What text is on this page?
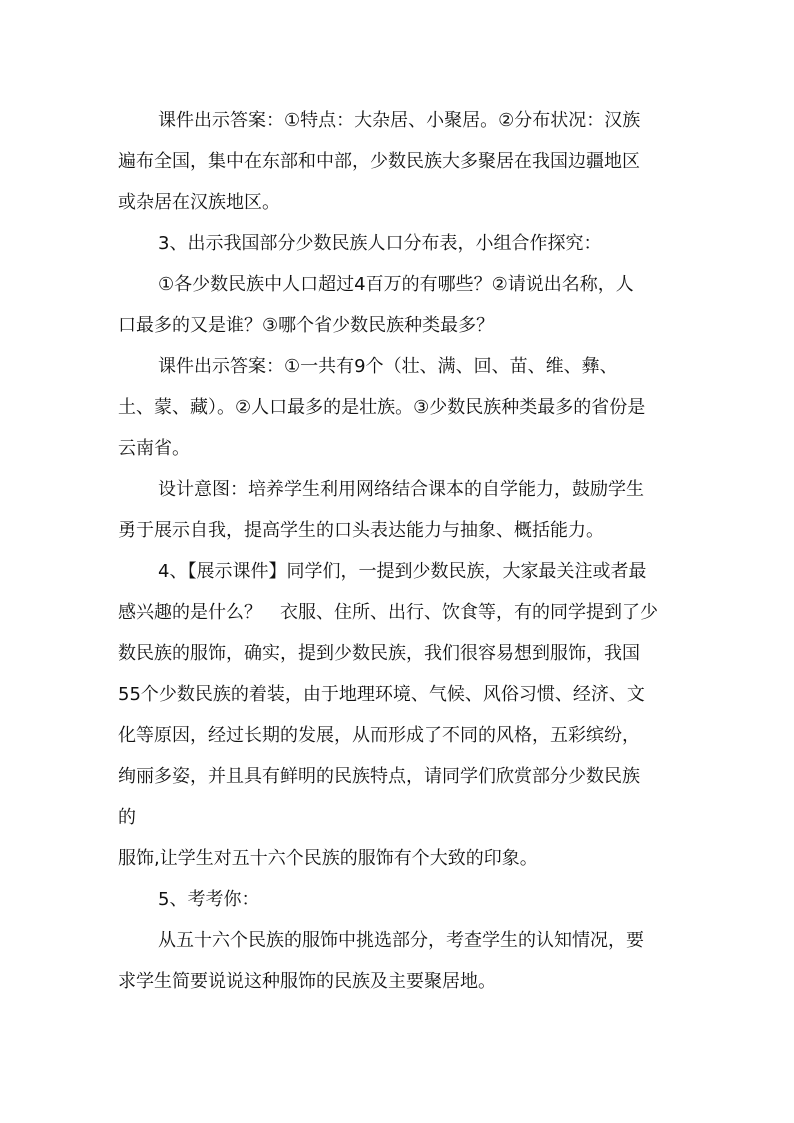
课件出示答案：①特点：大杂居、小聚居。②分布状况：汉族
遍布全国，集中在东部和中部，少数民族大多聚居在我国边疆地区
或杂居在汉族地区。
3、出示我国部分少数民族人口分布表，小组合作探究：
①各少数民族中人口超过4百万的有哪些？②请说出名称，人
口最多的又是谁？③哪个省少数民族种类最多？
课件出示答案：①一共有9个（壮、满、回、苗、维、彝、
土、蒙、藏）。②人口最多的是壮族。③少数民族种类最多的省份是
云南省。
设计意图：培养学生利用网络结合课本的自学能力，鼓励学生
勇于展示自我，提高学生的口头表达能力与抽象、概括能力。
4、【展示课件】同学们，一提到少数民族，大家最关注或者最
感兴趣的是什么？　衣服、住所、出行、饮食等，有的同学提到了少
数民族的服饰，确实，提到少数民族，我们很容易想到服饰，我国
55个少数民族的着装，由于地理环境、气候、风俗习惯、经济、文
化等原因，经过长期的发展，从而形成了不同的风格，五彩缤纷，
绚丽多姿，并且具有鲜明的民族特点，请同学们欣赏部分少数民族
的
服饰,让学生对五十六个民族的服饰有个大致的印象。
5、考考你：
从五十六个民族的服饰中挑选部分，考查学生的认知情况，要
求学生简要说说这种服饰的民族及主要聚居地。
